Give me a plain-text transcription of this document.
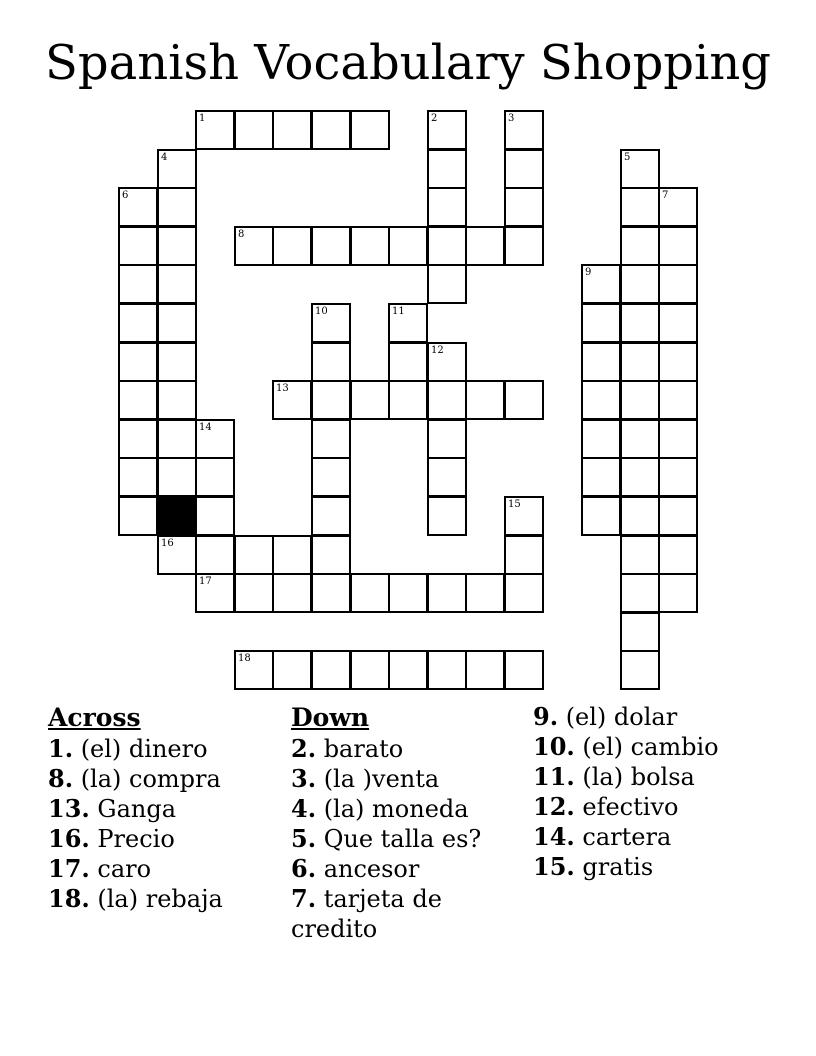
Spanish Vocabulary Shopping
1	2	3
4	5
6	7
8
9
10	11
12
13
14
15
16
17
18
Across
1. (el) dinero
8. (la) compra
13. Ganga
16. Precio
17. caro
18. (la) rebaja
Down
2. barato
3. (la )venta
4. (la) moneda
5. Que talla es?
6. ancesor
7. tarjeta de credito
9. (el) dolar
10. (el) cambio
11. (la) bolsa
12. efectivo
14. cartera
15. gratis
